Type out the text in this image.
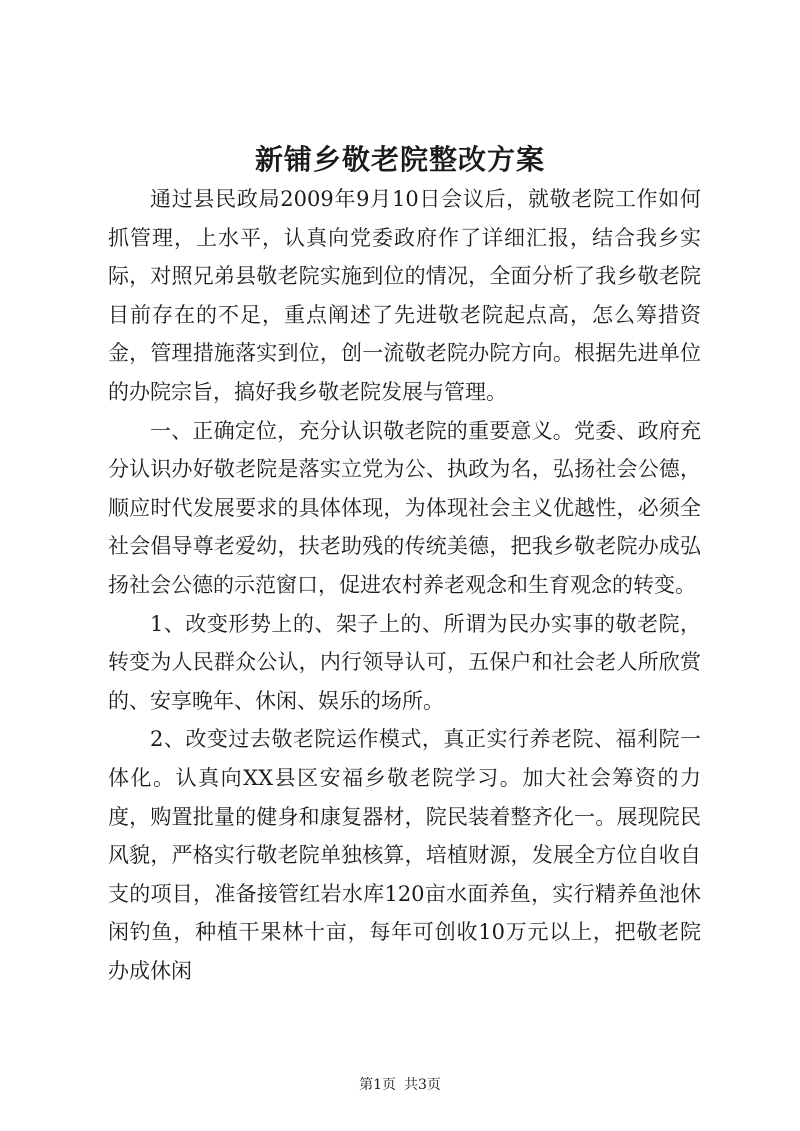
新铺乡敬老院整改方案

通过县民政局2009年9月10日会议后，就敬老院工作如何抓管理，上水平，认真向党委政府作了详细汇报，结合我乡实际，对照兄弟县敬老院实施到位的情况，全面分析了我乡敬老院目前存在的不足，重点阐述了先进敬老院起点高，怎么筹措资金，管理措施落实到位，创一流敬老院办院方向。根据先进单位的办院宗旨，搞好我乡敬老院发展与管理。

一、正确定位，充分认识敬老院的重要意义。党委、政府充分认识办好敬老院是落实立党为公、执政为名，弘扬社会公德，顺应时代发展要求的具体体现，为体现社会主义优越性，必须全社会倡导尊老爱幼，扶老助残的传统美德，把我乡敬老院办成弘扬社会公德的示范窗口，促进农村养老观念和生育观念的转变。

1、改变形势上的、架子上的、所谓为民办实事的敬老院，转变为人民群众公认，内行领导认可，五保户和社会老人所欣赏的、安享晚年、休闲、娱乐的场所。

2、改变过去敬老院运作模式，真正实行养老院、福利院一体化。认真向XX县区安福乡敬老院学习。加大社会筹资的力度，购置批量的健身和康复器材，院民装着整齐化一。展现院民风貌，严格实行敬老院单独核算，培植财源，发展全方位自收自支的项目，准备接管红岩水库120亩水面养鱼，实行精养鱼池休闲钓鱼，种植干果林十亩，每年可创收10万元以上，把敬老院办成休闲

第1页 共3页
